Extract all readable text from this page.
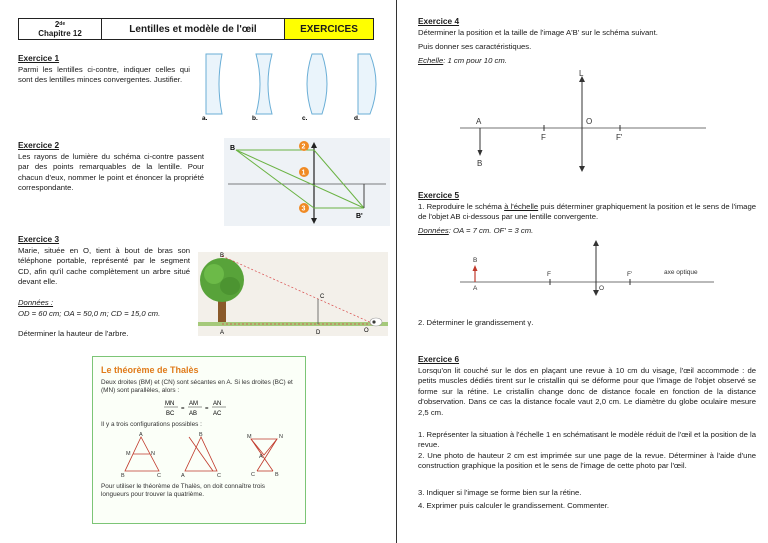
2de
Chapitre 12	Lentilles et modèle de l'œil	EXERCICES
Exercice 1
Parmi les lentilles ci-contre, indiquer celles qui sont des lentilles minces convergentes. Justifier.
a.	b.	c.	d.
Exercice 2
Les rayons de lumière du schéma ci-contre passent par des points remarquables de la lentille. Pour chacun d'eux, nommer le point et énoncer la propriété correspondante.
B
B'
2
1
3
Exercice 3
Marie, située en O, tient à bout de bras son téléphone portable, représenté par le segment CD, afin qu'il cache complètement un arbre situé devant elle.
Données :
OD = 60 cm; OA = 50,0 m; CD = 15,0 cm.
Déterminer la hauteur de l'arbre.
B
A
C
D	O
Le théorème de Thalès
Deux droites (BM) et (CN) sont sécantes en A. Si les droites (BC) et (MN) sont parallèles, alors :
MN
BC
=
AM
AB
=
AN
AC
Il y a trois configurations possibles :
A
M	N
B	C
B
A	C
M	N
A
C	B
Pour utiliser le théorème de Thalès, on doit connaître trois longueurs pour trouver la quatrième.
Exercice 4
Déterminer la position et la taille de l'image A'B' sur le schéma suivant.
Puis donner ses caractéristiques.
Echelle: 1 cm pour 10 cm.
L
A
B
F
O
F'
Exercice 5
1. Reproduire le schéma à l'échelle puis déterminer graphiquement la position et le sens de l'image de l'objet AB ci-dessous par une lentille convergente.
Données: OA = 7 cm. OF' = 3 cm.
B
A
F
O
F'	axe optique
2. Déterminer le grandissement γ.
Exercice 6
Lorsqu'on lit couché sur le dos en plaçant une revue à 10 cm du visage, l'œil accommode : de petits muscles dédiés tirent sur le cristallin qui se déforme pour que l'image de l'objet observé se forme sur la rétine. Le cristallin change donc de distance focale en fonction de la distance d'observation. Dans ce cas la distance focale vaut 2,0 cm. Le diamètre du globe oculaire mesure 2,5 cm.
1. Représenter la situation à l'échelle 1 en schématisant le modèle réduit de l'œil et la position de la revue.
2. Une photo de hauteur 2 cm est imprimée sur une page de la revue. Déterminer à l'aide d'une construction graphique la position et le sens de l'image de cette photo par l'œil.
3. Indiquer si l'image se forme bien sur la rétine.
4. Exprimer puis calculer le grandissement. Commenter.
